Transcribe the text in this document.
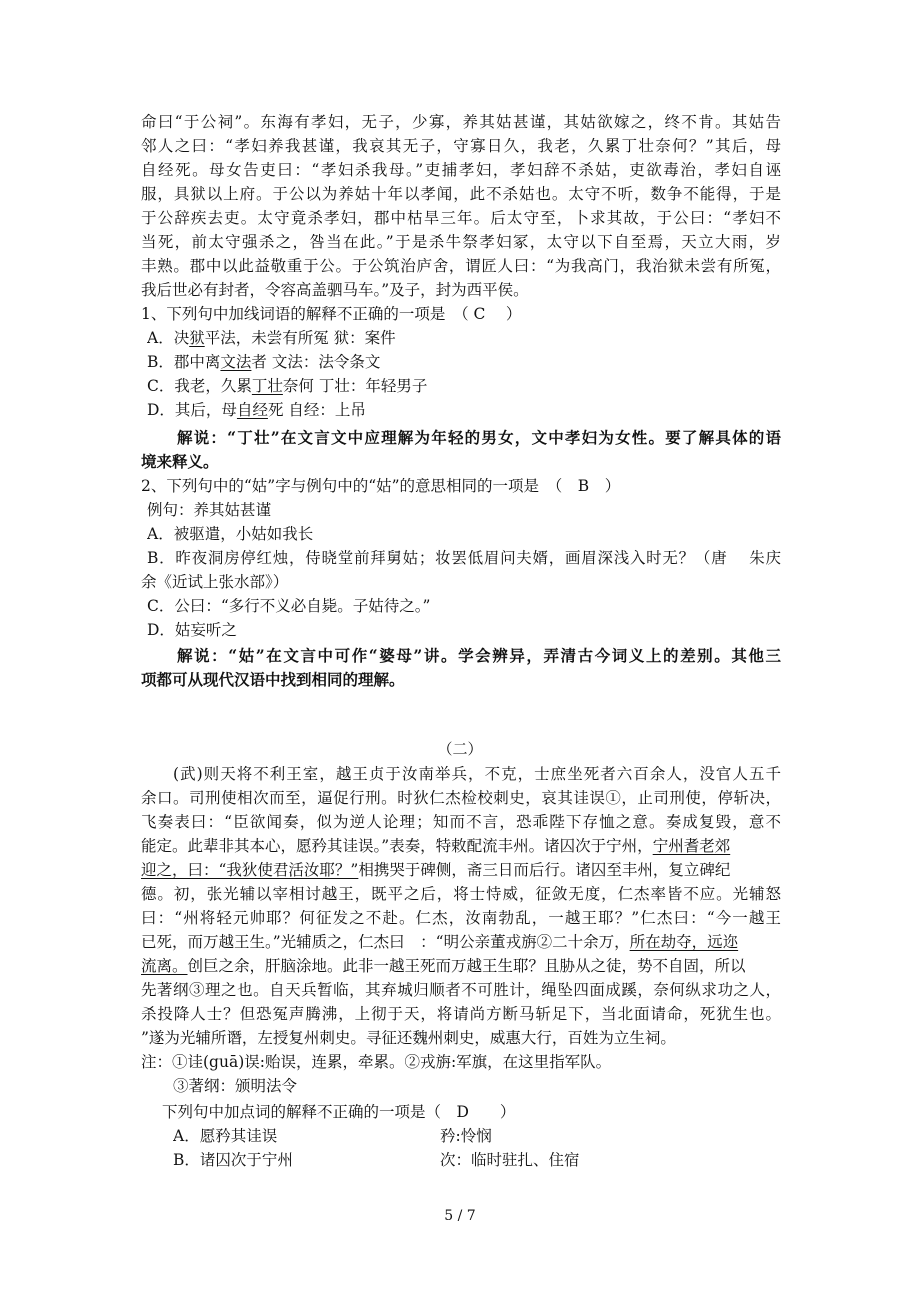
命曰“于公祠”。东海有孝妇，无子，少寡，养其姑甚谨，其姑欲嫁之，终不肯。其姑告
邻人之曰：“孝妇养我甚谨，我哀其无子，守寡日久，我老，久累丁壮奈何？”其后，母
自经死。母女告吏曰：“孝妇杀我母。”吏捕孝妇，孝妇辞不杀姑，吏欲毒治，孝妇自诬
服，具狱以上府。于公以为养姑十年以孝闻，此不杀姑也。太守不听，数争不能得，于是
于公辞疾去吏。太守竟杀孝妇，郡中枯旱三年。后太守至，卜求其故，于公曰：“孝妇不
当死，前太守强杀之，咎当在此。”于是杀牛祭孝妇冢，太守以下自至焉，天立大雨，岁
丰熟。郡中以此益敬重于公。于公筑治庐舍，谓匠人曰：“为我高门，我治狱未尝有所冤，
我后世必有封者，令容高盖驷马车。”及子，封为西平侯。
1、下列句中加线词语的解释不正确的一项是　（ C　 ）
A．决狱平法，未尝有所冤 狱：案件
B．郡中离文法者 文法：法令条文
C．我老，久累丁壮奈何 丁壮：年轻男子
D．其后，母自经死 自经：上吊
解说：“丁壮”在文言文中应理解为年轻的男女，文中孝妇为女性。要了解具体的语
境来释义。
2、下列句中的“姑”字与例句中的“姑”的意思相同的一项是　（　B　）
例句：养其姑甚谨
A．被驱遣，小姑如我长
B．昨夜洞房停红烛，侍晓堂前拜舅姑；妆罢低眉问夫婿，画眉深浅入时无？（唐　 朱庆
余《近试上张水部》）
C．公曰：“多行不义必自毙。子姑待之。”
D．姑妄听之
解说：“姑”在文言中可作“婆母”讲。学会辨异，弄清古今词义上的差别。其他三
项都可从现代汉语中找到相同的理解。
（二）
(武)则天将不利王室，越王贞于汝南举兵，不克，士庶坐死者六百余人，没官人五千
余口。司刑使相次而至，逼促行刑。时狄仁杰检校刺史，哀其诖误①，止司刑使，停斩决，
飞奏表曰：“臣欲闻奏，似为逆人论理；知而不言，恐乖陛下存恤之意。奏成复毁，意不
能定。此辈非其本心，愿矜其诖误。”表奏，特敕配流丰州。诸囚次于宁州，宁州耆老郊
迎之，曰：“我狄使君活汝耶？”相携哭于碑侧，斋三日而后行。诸囚至丰州，复立碑纪
德。初，张光辅以宰相讨越王，既平之后，将士恃威，征敛无度，仁杰率皆不应。光辅怒
曰：“州将轻元帅耶？何征发之不赴。仁杰，汝南勃乱，一越王耶？”仁杰曰：“今一越王
已死，而万越王生。”光辅质之，仁杰曰　：“明公亲董戎旃②二十余万，所在劫夺，远迩
流离。创巨之余，肝脑涂地。此非一越王死而万越王生耶？且胁从之徒，势不自固，所以
先著纲③理之也。自天兵暂临，其弃城归顺者不可胜计，绳坠四面成蹊，奈何纵求功之人，
杀投降人士？但恐冤声腾沸，上彻于天，将请尚方断马斩足下，当北面请命，死犹生也。
”遂为光辅所谮，左授复州刺史。寻征还魏州刺史，威惠大行，百姓为立生祠。
注：①诖(guā)误:贻误，连累，牵累。②戎旃:军旗，在这里指军队。
③著纲：颁明法令
下列句中加点词的解释不正确的一项是（　D　　）
A．愿矜其诖误	矜:怜悯
B．诸囚次于宁州	次：临时驻扎、住宿
5 / 7
